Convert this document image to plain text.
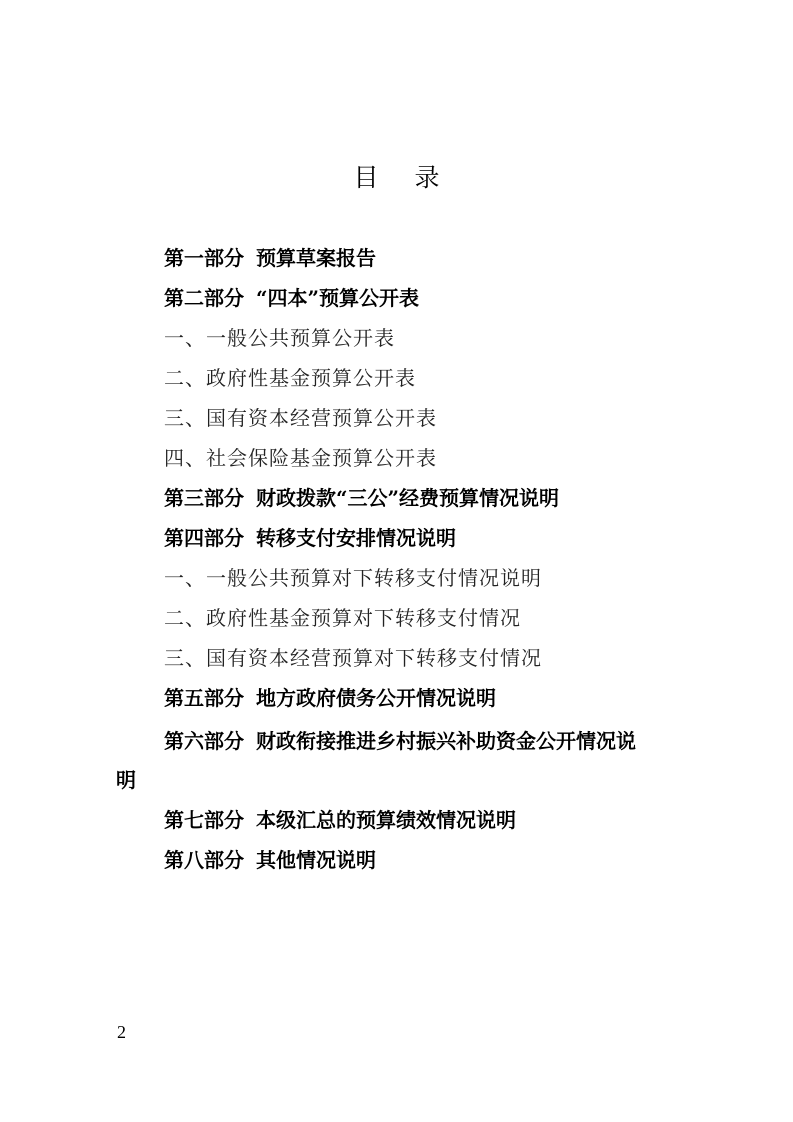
目 录
第一部分 预算草案报告
第二部分 “四本”预算公开表
一、一般公共预算公开表
二、政府性基金预算公开表
三、国有资本经营预算公开表
四、社会保险基金预算公开表
第三部分 财政拨款“三公”经费预算情况说明
第四部分 转移支付安排情况说明
一、一般公共预算对下转移支付情况说明
二、政府性基金预算对下转移支付情况
三、国有资本经营预算对下转移支付情况
第五部分 地方政府债务公开情况说明
第六部分 财政衔接推进乡村振兴补助资金公开情况说
明
第七部分 本级汇总的预算绩效情况说明
第八部分 其他情况说明
2
